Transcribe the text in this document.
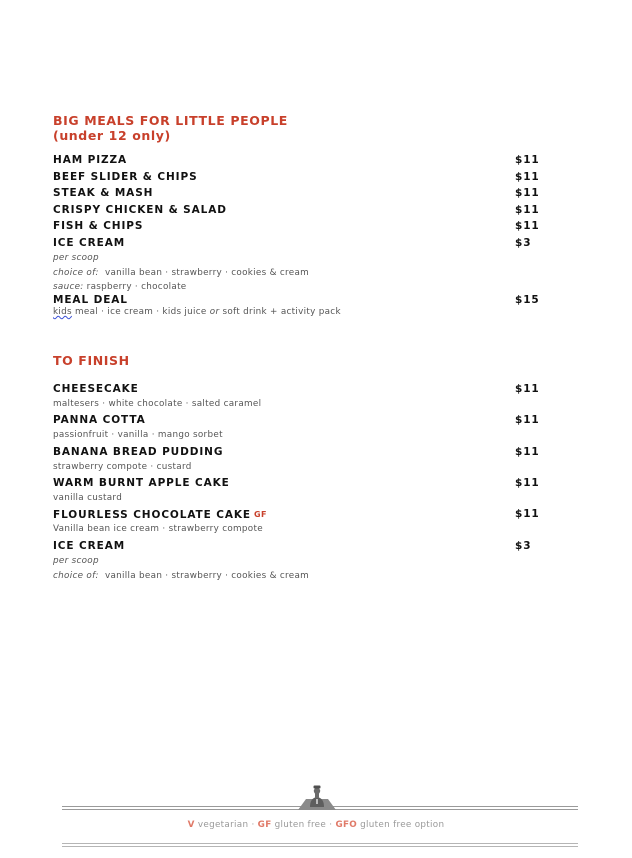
BIG MEALS FOR LITTLE PEOPLE
(under 12 only)
HAM PIZZA	$11
BEEF SLIDER & CHIPS	$11
STEAK & MASH	$11
CRISPY CHICKEN & SALAD	$11
FISH & CHIPS	$11
ICE CREAM	$3
per scoop
choice of: vanilla bean · strawberry · cookies & cream
sauce: raspberry · chocolate
MEAL DEAL	$15
kids meal · ice cream · kids juice or soft drink + activity pack
TO FINISH
CHEESECAKE	$11
maltesers · white chocolate · salted caramel
PANNA COTTA	$11
passionfruit · vanilla · mango sorbet
BANANA BREAD PUDDING	$11
strawberry compote · custard
WARM BURNT APPLE CAKE	$11
vanilla custard
FLOURLESS CHOCOLATE CAKE GF	$11
Vanilla bean ice cream · strawberry compote
ICE CREAM	$3
per scoop
choice of: vanilla bean · strawberry · cookies & cream
V vegetarian · GF gluten free · GFO gluten free option
